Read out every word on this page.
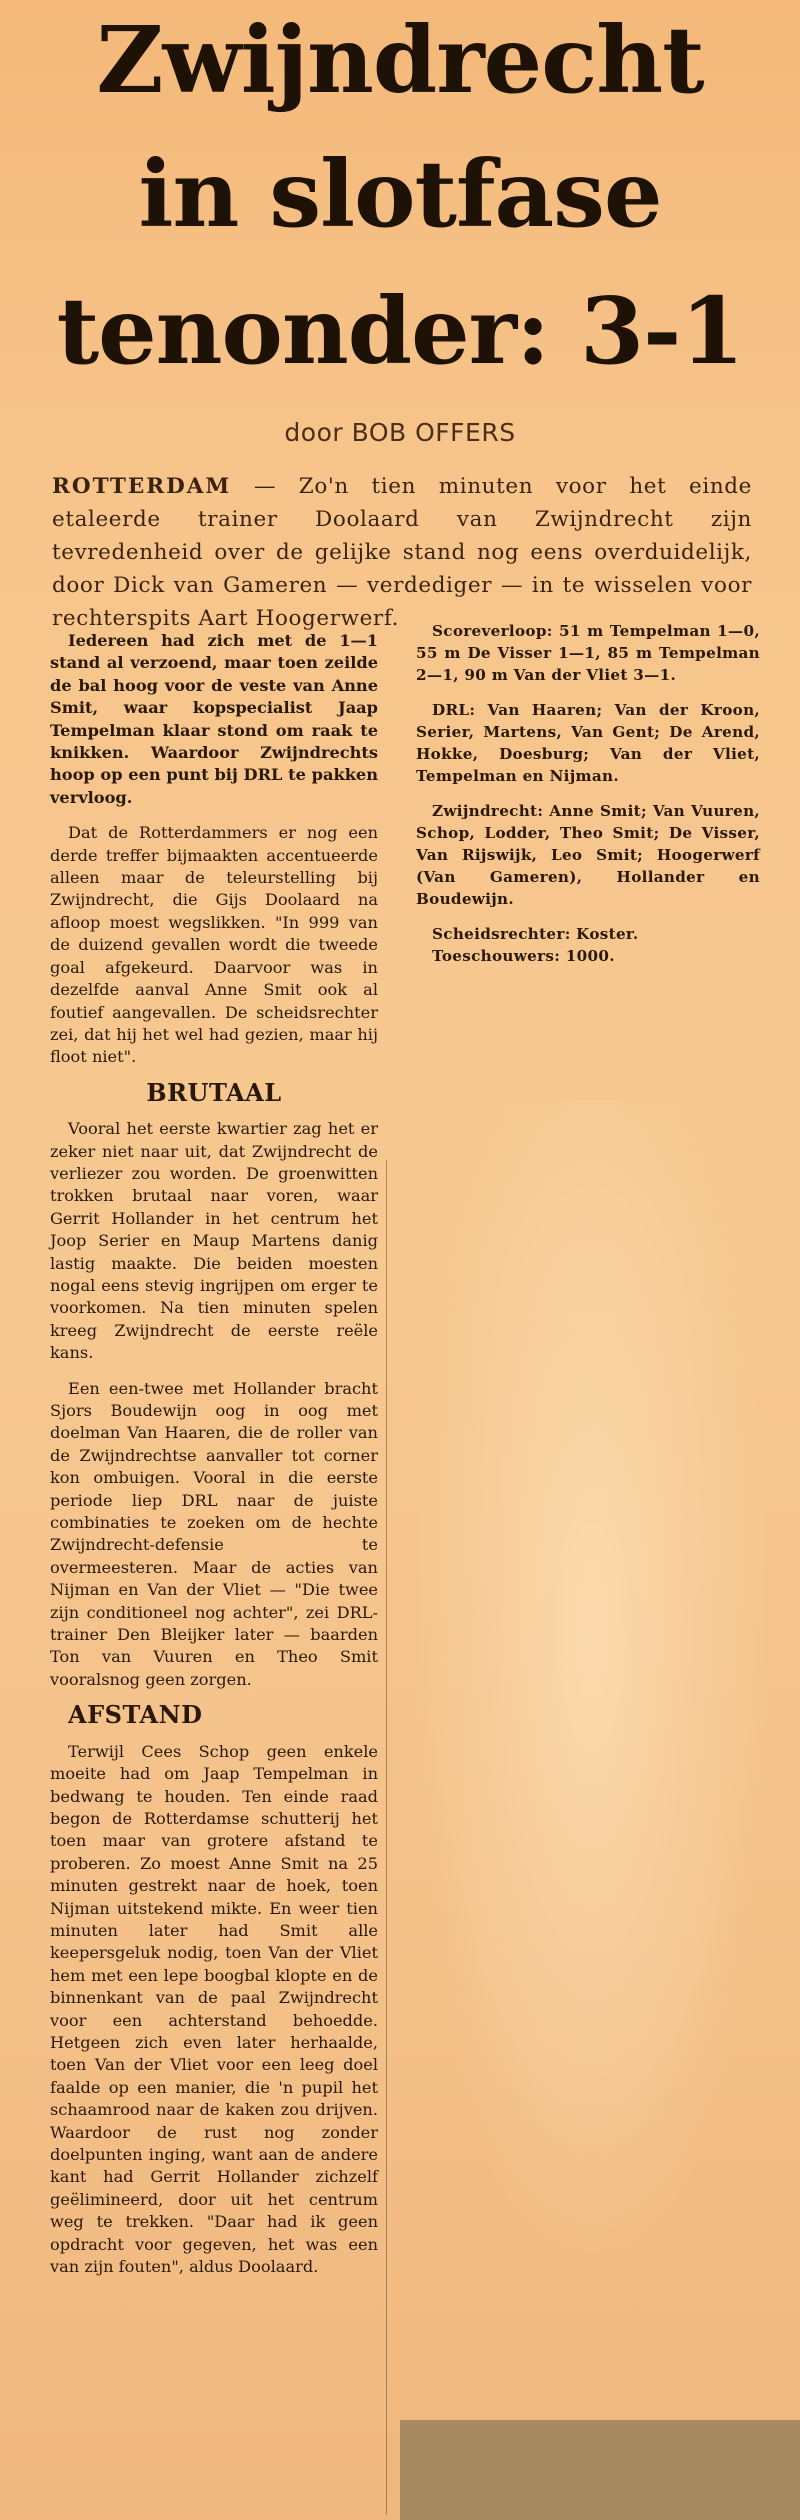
Zwijndrecht
in slotfase
tenonder: 3-1
door BOB OFFERS
ROTTERDAM — Zo'n tien minuten voor het einde etaleerde trainer Doolaard van Zwijndrecht zijn tevredenheid over de gelijke stand nog eens overduidelijk, door Dick van Gameren — verdediger — in te wisselen voor rechterspits Aart Hoogerwerf.

Iedereen had zich met de 1—1 stand al verzoend, maar toen zeilde de bal hoog voor de veste van Anne Smit, waar kopspecialist Jaap Tempelman klaar stond om raak te knikken. Waardoor Zwijndrechts hoop op een punt bij DRL te pakken vervloog.

Dat de Rotterdammers er nog een derde treffer bijmaakten accentueerde alleen maar de teleurstelling bij Zwijndrecht, die Gijs Doolaard na afloop moest wegslikken. "In 999 van de duizend gevallen wordt die tweede goal afgekeurd. Daarvoor was in dezelfde aanval Anne Smit ook al foutief aangevallen. De scheidsrechter zei, dat hij het wel had gezien, maar hij floot niet".

BRUTAAL

Vooral het eerste kwartier zag het er zeker niet naar uit, dat Zwijndrecht de verliezer zou worden. De groenwitten trokken brutaal naar voren, waar Gerrit Hollander in het centrum het Joop Serier en Maup Martens danig lastig maakte. Die beiden moesten nogal eens stevig ingrijpen om erger te voorkomen. Na tien minuten spelen kreeg Zwijndrecht de eerste reële kans.

Een een-twee met Hollander bracht Sjors Boudewijn oog in oog met doelman Van Haaren, die de roller van de Zwijndrechtse aanvaller tot corner kon ombuigen. Vooral in die eerste periode liep DRL naar de juiste combinaties te zoeken om de hechte Zwijndrecht-defensie te overmeesteren. Maar de acties van Nijman en Van der Vliet — "Die twee zijn conditioneel nog achter", zei DRL-trainer Den Bleijker later — baarden Ton van Vuuren en Theo Smit vooralsnog geen zorgen.

AFSTAND

Terwijl Cees Schop geen enkele moeite had om Jaap Tempelman in bedwang te houden. Ten einde raad begon de Rotterdamse schutterij het toen maar van grotere afstand te proberen. Zo moest Anne Smit na 25 minuten gestrekt naar de hoek, toen Nijman uitstekend mikte. En weer tien minuten later had Smit alle keepersgeluk nodig, toen Van der Vliet hem met een lepe boogbal klopte en de binnenkant van de paal Zwijndrecht voor een achterstand behoedde. Hetgeen zich even later herhaalde, toen Van der Vliet voor een leeg doel faalde op een manier, die 'n pupil het schaamrood naar de kaken zou drijven. Waardoor de rust nog zonder doelpunten inging, want aan de andere kant had Gerrit Hollander zichzelf geëlimineerd, door uit het centrum weg te trekken. "Daar had ik geen opdracht voor gegeven, het was een van zijn fouten", aldus Doolaard.

Scoreverloop: 51 m Tempelman 1—0, 55 m De Visser 1—1, 85 m Tempelman 2—1, 90 m Van der Vliet 3—1.

DRL: Van Haaren; Van der Kroon, Serier, Martens, Van Gent; De Arend, Hokke, Doesburg; Van der Vliet, Tempelman en Nijman.

Zwijndrecht: Anne Smit; Van Vuuren, Schop, Lodder, Theo Smit; De Visser, Van Rijswijk, Leo Smit; Hoogerwerf (Van Gameren), Hollander en Boudewijn.

Scheidsrechter: Koster.

Toeschouwers: 1000.
